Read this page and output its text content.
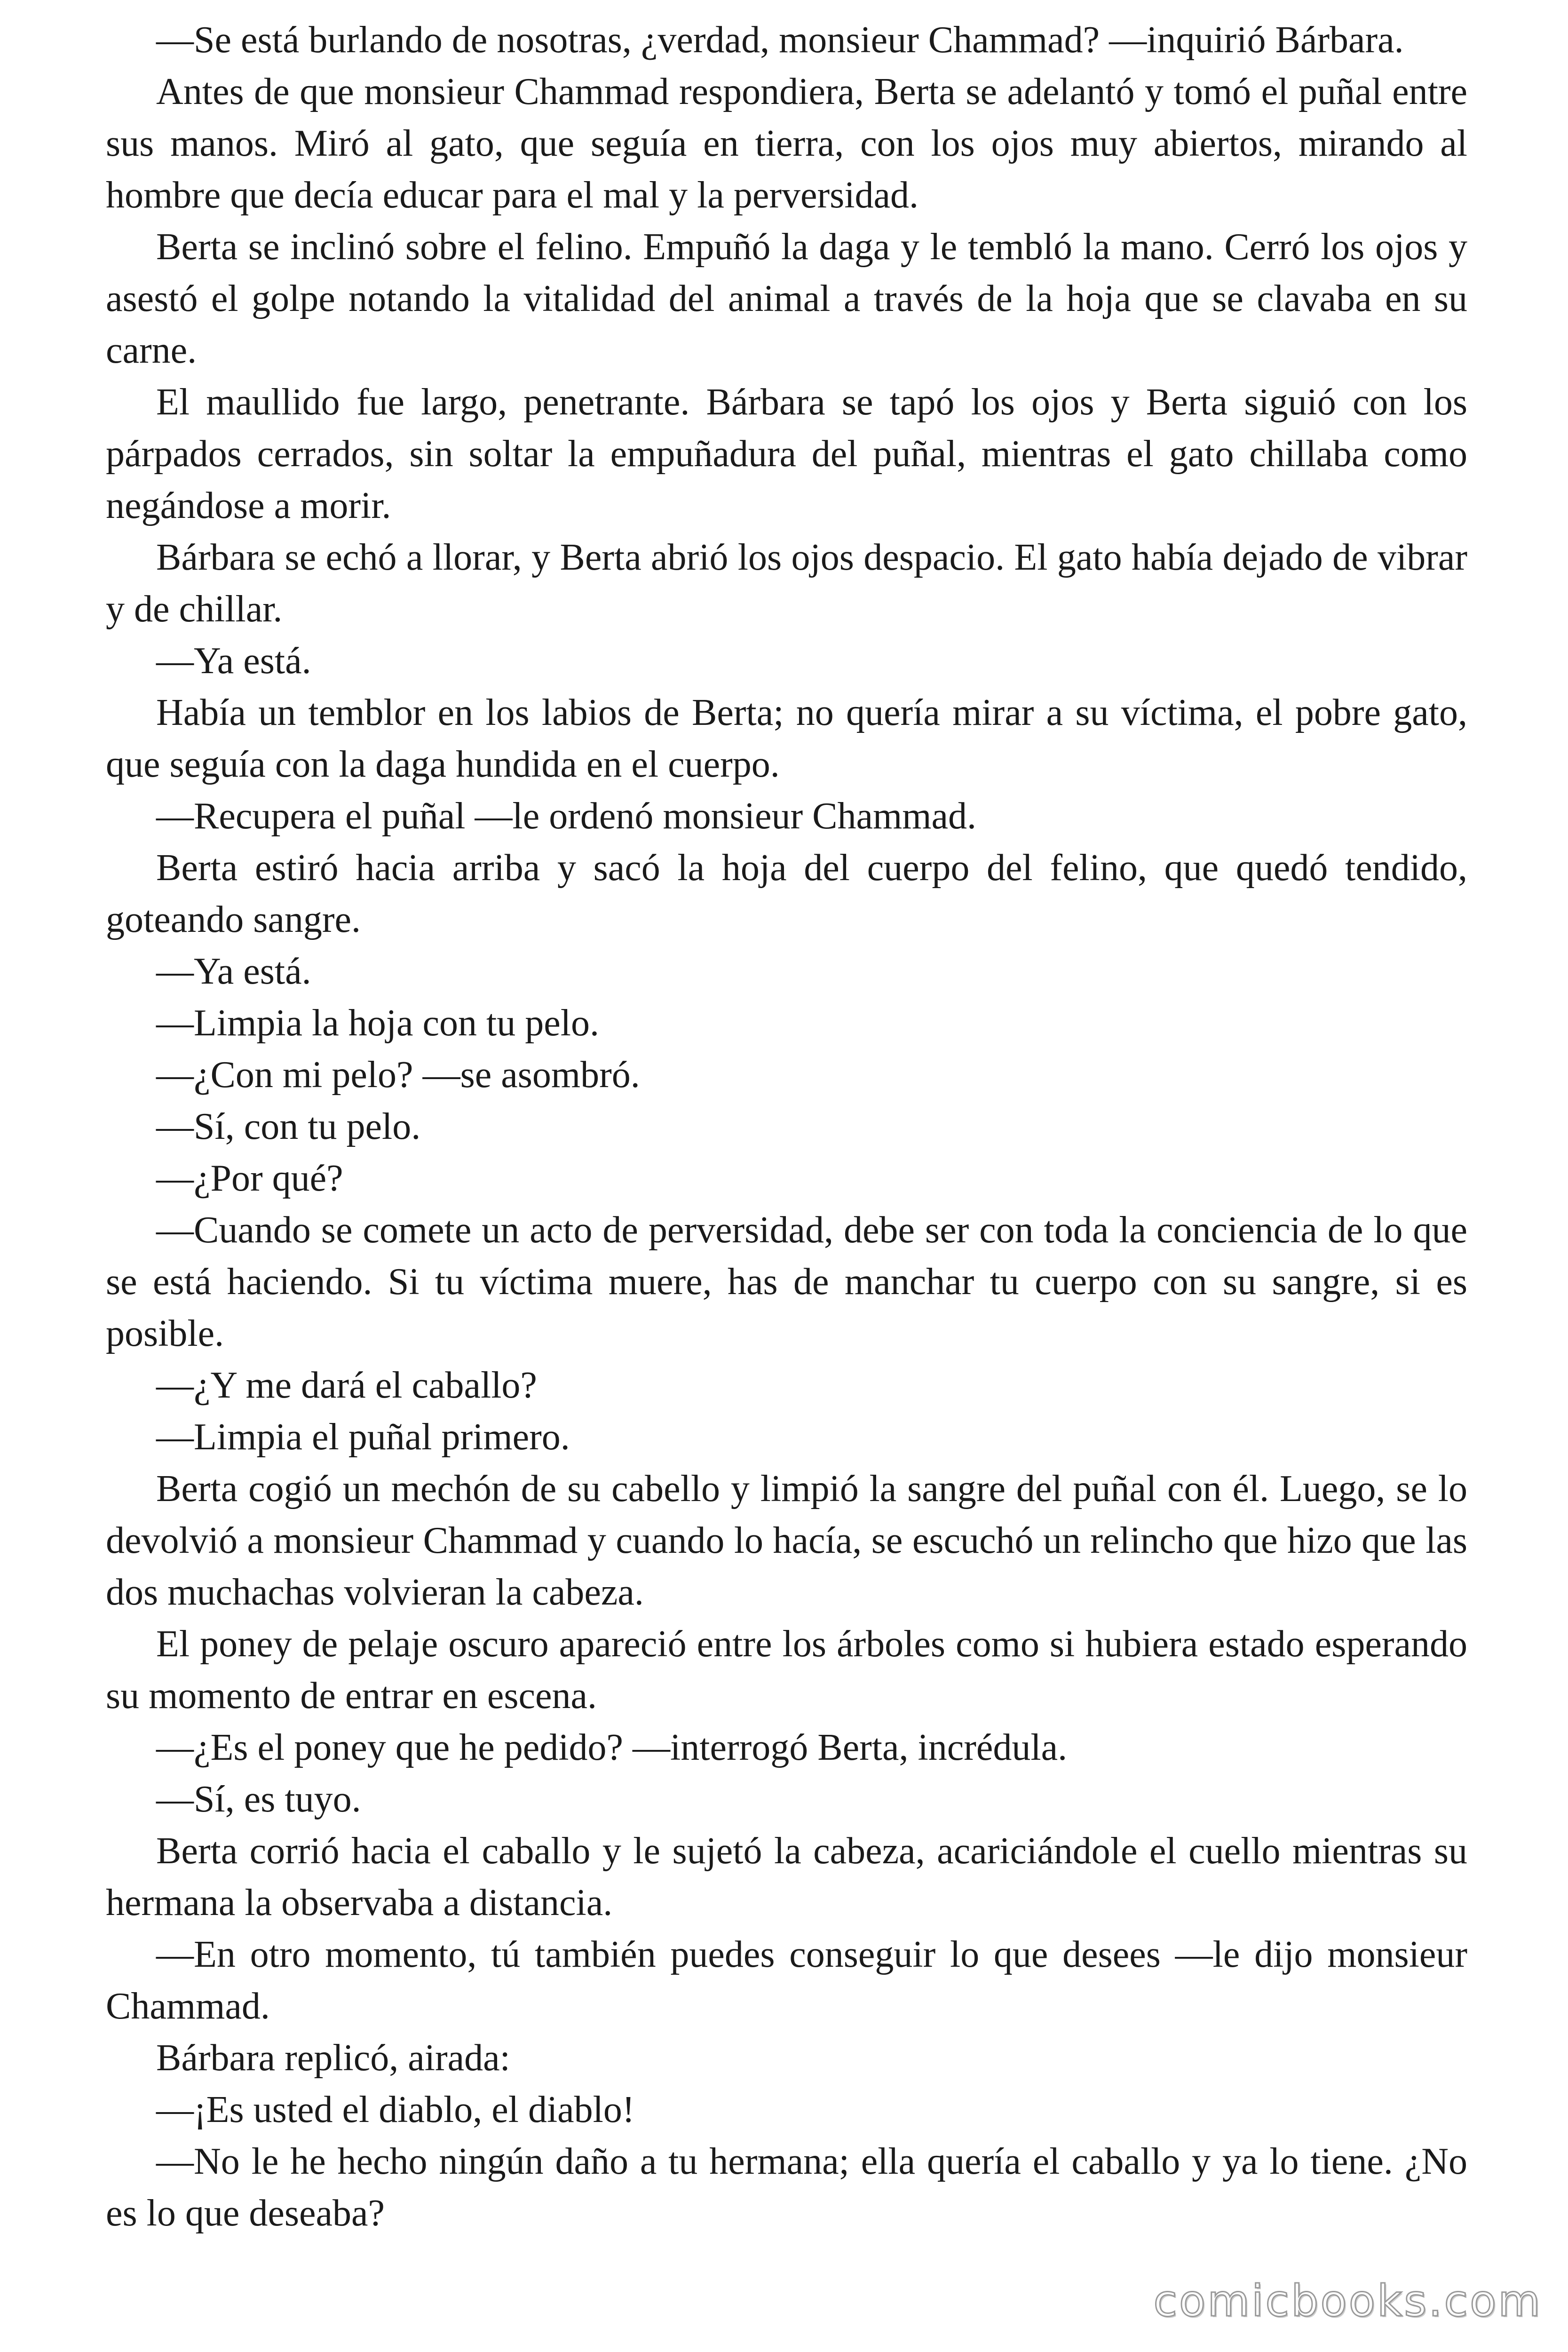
—Se está burlando de nosotras, ¿verdad, monsieur Chammad? —inquirió Bárbara.

Antes de que monsieur Chammad respondiera, Berta se adelantó y tomó el puñal entre sus manos. Miró al gato, que seguía en tierra, con los ojos muy abiertos, mirando al hombre que decía educar para el mal y la perversidad.

Berta se inclinó sobre el felino. Empuñó la daga y le tembló la mano. Cerró los ojos y asestó el golpe notando la vitalidad del animal a través de la hoja que se clavaba en su carne.

El maullido fue largo, penetrante. Bárbara se tapó los ojos y Berta siguió con los párpados cerrados, sin soltar la empuñadura del puñal, mientras el gato chillaba como negándose a morir.

Bárbara se echó a llorar, y Berta abrió los ojos despacio. El gato había dejado de vibrar y de chillar.

—Ya está.

Había un temblor en los labios de Berta; no quería mirar a su víctima, el pobre gato, que seguía con la daga hundida en el cuerpo.

—Recupera el puñal —le ordenó monsieur Chammad.

Berta estiró hacia arriba y sacó la hoja del cuerpo del felino, que quedó tendido, goteando sangre.

—Ya está.

—Limpia la hoja con tu pelo.

—¿Con mi pelo? —se asombró.

—Sí, con tu pelo.

—¿Por qué?

—Cuando se comete un acto de perversidad, debe ser con toda la conciencia de lo que se está haciendo. Si tu víctima muere, has de manchar tu cuerpo con su sangre, si es posible.

—¿Y me dará el caballo?

—Limpia el puñal primero.

Berta cogió un mechón de su cabello y limpió la sangre del puñal con él. Luego, se lo devolvió a monsieur Chammad y cuando lo hacía, se escuchó un relincho que hizo que las dos muchachas volvieran la cabeza.

El poney de pelaje oscuro apareció entre los árboles como si hubiera estado esperando su momento de entrar en escena.

—¿Es el poney que he pedido? —interrogó Berta, incrédula.

—Sí, es tuyo.

Berta corrió hacia el caballo y le sujetó la cabeza, acariciándole el cuello mientras su hermana la observaba a distancia.

—En otro momento, tú también puedes conseguir lo que desees —le dijo monsieur Chammad.

Bárbara replicó, airada:

—¡Es usted el diablo, el diablo!

—No le he hecho ningún daño a tu hermana; ella quería el caballo y ya lo tiene. ¿No es lo que deseaba?

comicbooks.com
